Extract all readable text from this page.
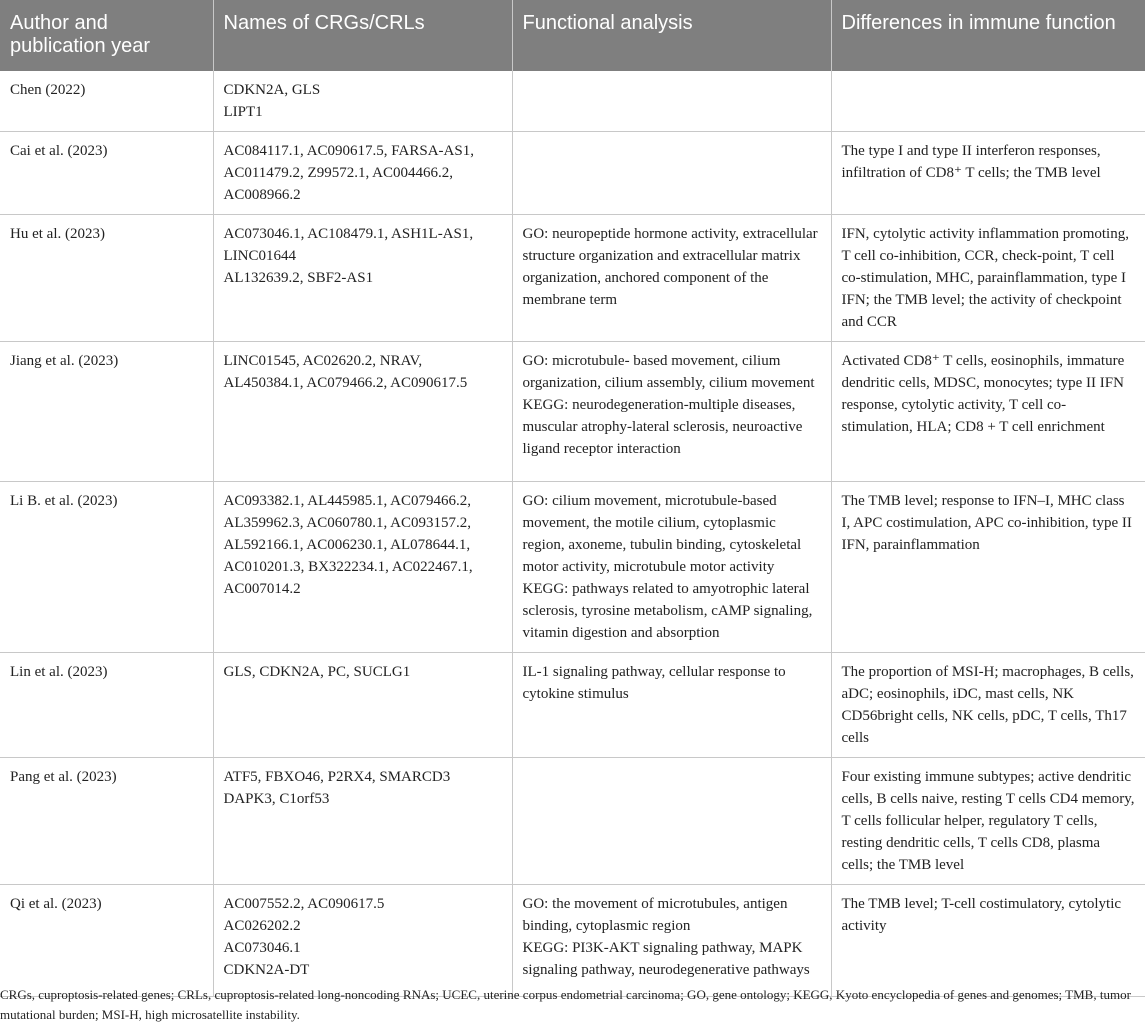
Author and publication year	Names of CRGs/CRLs	Functional analysis	Differences in immune function
Chen (2022)	CDKN2A, GLS
LIPT1		

Cai et al. (2023)	AC084117.1, AC090617.5, FARSA-AS1, AC011479.2, Z99572.1, AC004466.2, AC008966.2		The type I and type II interferon responses, infiltration of CD8⁺ T cells; the TMB level

Hu et al. (2023)	AC073046.1, AC108479.1, ASH1L-AS1, LINC01644
AL132639.2, SBF2-AS1	GO: neuropeptide hormone activity, extracellular structure organization and extracellular matrix organization, anchored component of the membrane term	IFN, cytolytic activity inflammation promoting, T cell co-inhibition, CCR, check-point, T cell co-stimulation, MHC, parainflammation, type I IFN; the TMB level; the activity of checkpoint and CCR

Jiang et al. (2023)	LINC01545, AC02620.2, NRAV, AL450384.1, AC079466.2, AC090617.5	GO: microtubule- based movement, cilium organization, cilium assembly, cilium movement
KEGG: neurodegeneration-multiple diseases, muscular atrophy-lateral sclerosis, neuroactive ligand receptor interaction	Activated CD8⁺ T cells, eosinophils, immature dendritic cells, MDSC, monocytes; type II IFN response, cytolytic activity, T cell co-stimulation, HLA; CD8 + T cell enrichment

Li B. et al. (2023)	AC093382.1, AL445985.1, AC079466.2, AL359962.3, AC060780.1, AC093157.2, AL592166.1, AC006230.1, AL078644.1, AC010201.3, BX322234.1, AC022467.1, AC007014.2	GO: cilium movement, microtubule-based movement, the motile cilium, cytoplasmic region, axoneme, tubulin binding, cytoskeletal motor activity, microtubule motor activity
KEGG: pathways related to amyotrophic lateral sclerosis, tyrosine metabolism, cAMP signaling, vitamin digestion and absorption	The TMB level; response to IFN–I, MHC class I, APC costimulation, APC co-inhibition, type II IFN, parainflammation

Lin et al. (2023)	GLS, CDKN2A, PC, SUCLG1	IL-1 signaling pathway, cellular response to cytokine stimulus	The proportion of MSI-H; macrophages, B cells, aDC; eosinophils, iDC, mast cells, NK CD56bright cells, NK cells, pDC, T cells, Th17 cells

Pang et al. (2023)	ATF5, FBXO46, P2RX4, SMARCD3
DAPK3, C1orf53		Four existing immune subtypes; active dendritic cells, B cells naive, resting T cells CD4 memory, T cells follicular helper, regulatory T cells, resting dendritic cells, T cells CD8, plasma cells; the TMB level

Qi et al. (2023)	AC007552.2, AC090617.5
AC026202.2
AC073046.1
CDKN2A-DT	GO: the movement of microtubules, antigen binding, cytoplasmic region
KEGG: PI3K-AKT signaling pathway, MAPK signaling pathway, neurodegenerative pathways	The TMB level; T-cell costimulatory, cytolytic activity
CRGs, cuproptosis-related genes; CRLs, cuproptosis-related long-noncoding RNAs; UCEC, uterine corpus endometrial carcinoma; GO, gene ontology; KEGG, Kyoto encyclopedia of genes and genomes; TMB, tumor mutational burden; MSI-H, high microsatellite instability.
